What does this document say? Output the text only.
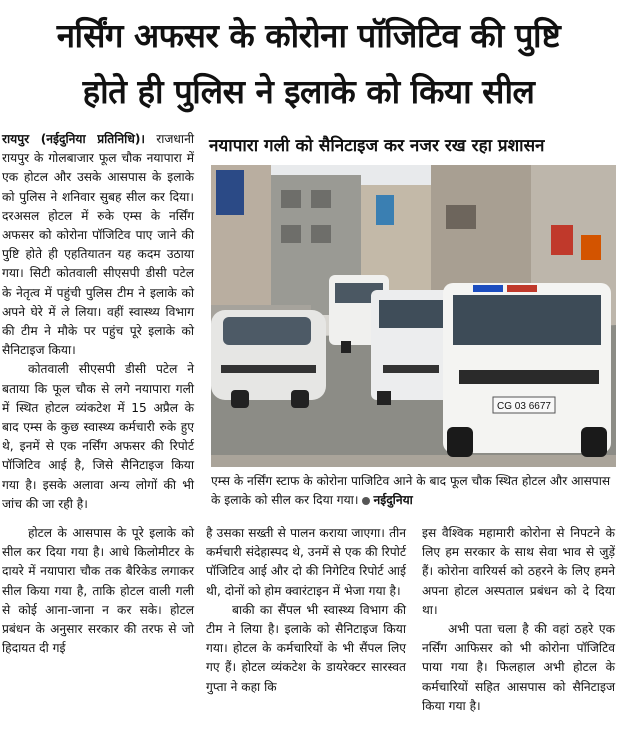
नर्सिंग अफसर के कोरोना पॉजिटिव की पुष्टि
होते ही पुलिस ने इलाके को किया सील

रायपुर (नईदुनिया प्रतिनिधि)। राजधानी रायपुर के गोलबाजार फूल चौक नयापारा में एक होटल और उसके आसपास के इलाके को पुलिस ने शनिवार सुबह सील कर दिया। दरअसल होटल में रुके एम्स के नर्सिंग अफसर को कोरोना पॉजिटिव पाए जाने की पुष्टि होते ही एहतियातन यह कदम उठाया गया। सिटी कोतवाली सीएसपी डीसी पटेल के नेतृत्व में पहुंची पुलिस टीम ने इलाके को अपने घेरे में ले लिया। वहीं स्वास्थ्य विभाग की टीम ने मौके पर पहुंच पूरे इलाके को सैनिटाइज किया।

कोतवाली सीएसपी डीसी पटेल ने बताया कि फूल चौक से लगे नयापारा गली में स्थित होटल व्यंकटेश में 15 अप्रैल के बाद एम्स के कुछ स्वास्थ्य कर्मचारी रुके हुए थे, इनमें से एक नर्सिंग अफसर की रिपोर्ट पॉजिटिव आई है, जिसे सैनिटाइज किया गया है। इसके अलावा अन्य लोगों की भी जांच की जा रही है।

होटल के आसपास के पूरे इलाके को सील कर दिया गया है। आधे किलोमीटर के दायरे में नयापारा चौक तक बैरिकेड लगाकर सील किया गया है, ताकि होटल वाली गली से कोई आना-जाना न कर सके। होटल प्रबंधन के अनुसार सरकार की तरफ से जो हिदायत दी गई

नयापारा गली को सैनिटाइज कर नजर रख रहा प्रशासन
CG 03 6677
एम्स के नर्सिंग स्टाफ के कोरोना पाजिटिव आने के बाद फूल चौक स्थित होटल और आसपास के इलाके को सील कर दिया गया। नईदुनिया

है उसका सख्ती से पालन कराया जाएगा। तीन कर्मचारी संदेहास्पद थे, उनमें से एक की रिपोर्ट पॉजिटिव आई और दो की निगेटिव रिपोर्ट आई थी, दोनों को होम क्वारंटाइन में भेजा गया है।

बाकी का सैंपल भी स्वास्थ्य विभाग की टीम ने लिया है। इलाके को सैनिटाइज किया गया। होटल के कर्मचारियों के भी सैंपल लिए गए हैं। होटल व्यंकटेश के डायरेक्टर सारस्वत गुप्ता ने कहा कि

इस वैश्विक महामारी कोरोना से निपटने के लिए हम सरकार के साथ सेवा भाव से जुड़ें हैं। कोरोना वारियर्स को ठहरने के लिए हमने अपना होटल अस्पताल प्रबंधन को दे दिया था।

अभी पता चला है की वहां ठहरे एक नर्सिंग आफिसर को भी कोरोना पॉजिटिव पाया गया है। फिलहाल अभी होटल के कर्मचारियों सहित आसपास को सैनिटाइज किया गया है।
